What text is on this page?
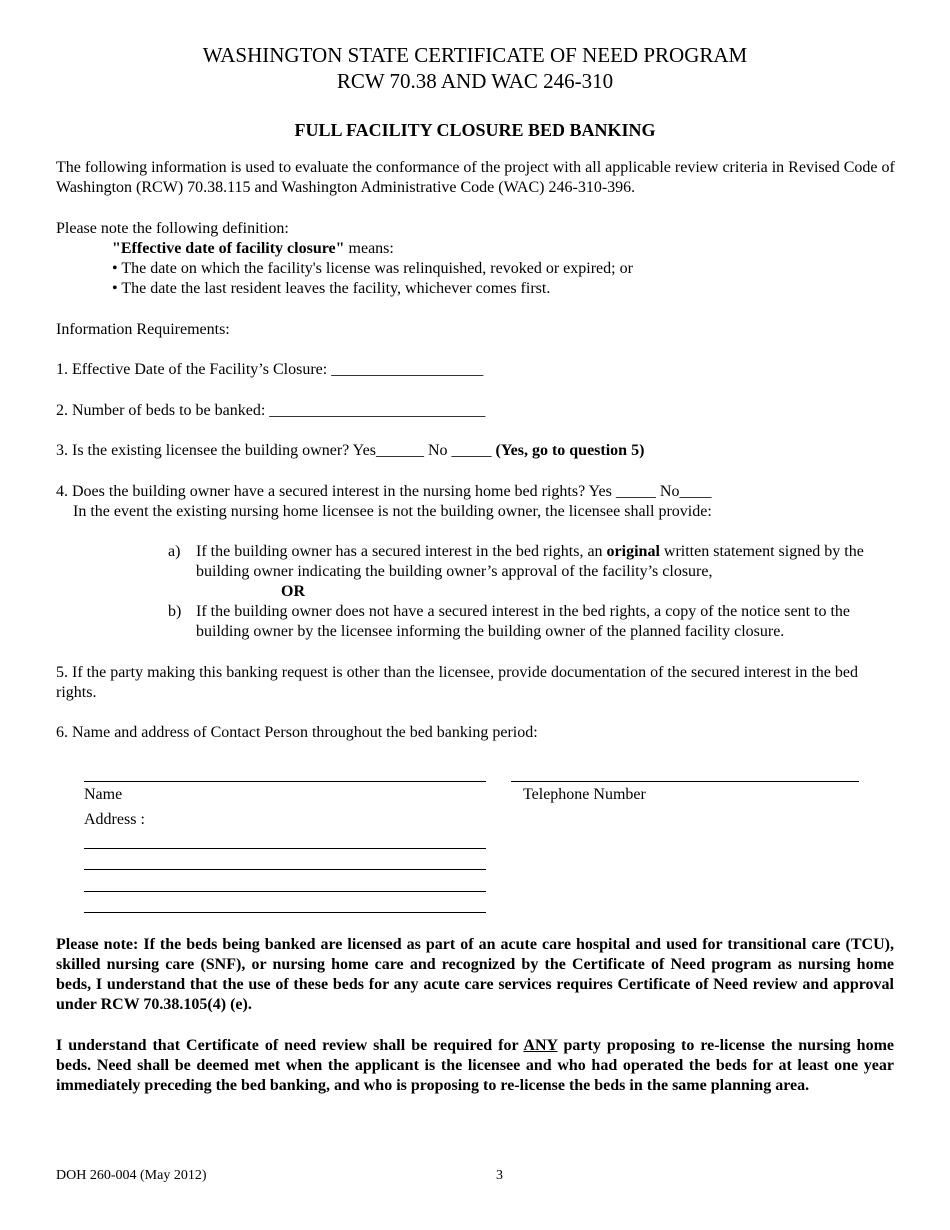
WASHINGTON STATE CERTIFICATE OF NEED PROGRAM
RCW 70.38 AND WAC 246-310
FULL FACILITY CLOSURE BED BANKING
The following information is used to evaluate the conformance of the project with all applicable review criteria in Revised Code of Washington (RCW) 70.38.115 and Washington Administrative Code (WAC) 246-310-396.
Please note the following definition:
"Effective date of facility closure" means:
• The date on which the facility's license was relinquished, revoked or expired; or
• The date the last resident leaves the facility, whichever comes first.
Information Requirements:
1. Effective Date of the Facility’s Closure: ___________________
2. Number of beds to be banked: ___________________________
3. Is the existing licensee the building owner? Yes______ No _____ (Yes, go to question 5)
4. Does the building owner have a secured interest in the nursing home bed rights? Yes _____ No____
In the event the existing nursing home licensee is not the building owner, the licensee shall provide:
a) If the building owner has a secured interest in the bed rights, an original written statement signed by the building owner indicating the building owner’s approval of the facility’s closure,
OR
b) If the building owner does not have a secured interest in the bed rights, a copy of the notice sent to the building owner by the licensee informing the building owner of the planned facility closure.
5. If the party making this banking request is other than the licensee, provide documentation of the secured interest in the bed rights.
6. Name and address of Contact Person throughout the bed banking period:
Name	Telephone Number
Address :
Please note: If the beds being banked are licensed as part of an acute care hospital and used for transitional care (TCU), skilled nursing care (SNF), or nursing home care and recognized by the Certificate of Need program as nursing home beds, I understand that the use of these beds for any acute care services requires Certificate of Need review and approval under RCW 70.38.105(4) (e).
I understand that Certificate of need review shall be required for ANY party proposing to re-license the nursing home beds. Need shall be deemed met when the applicant is the licensee and who had operated the beds for at least one year immediately preceding the bed banking, and who is proposing to re-license the beds in the same planning area.
DOH 260-004 (May 2012)	3
